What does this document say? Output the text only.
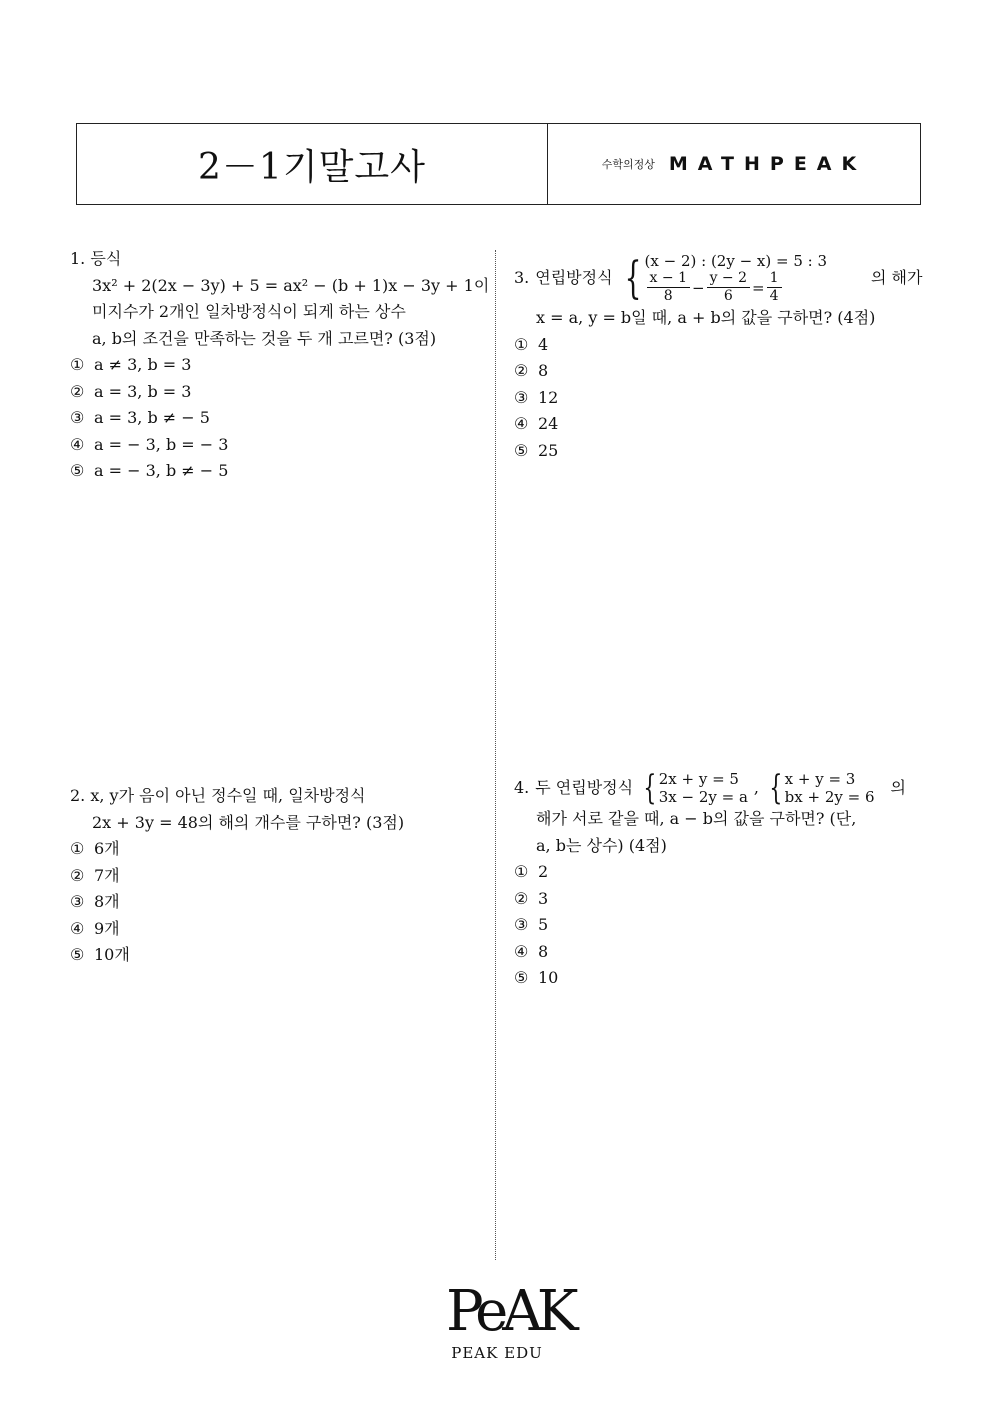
2－1기말고사	수학의정상 MATHPEAK
1. 등식
3x² + 2(2x − 3y) + 5 = ax² − (b + 1)x − 3y + 1이
미지수가 2개인 일차방정식이 되게 하는 상수
a, b의 조건을 만족하는 것을 두 개 고르면? (3점)
① a ≠ 3, b = 3
② a = 3, b = 3
③ a = 3, b ≠ − 5
④ a = − 3, b = − 3
⑤ a = − 3, b ≠ − 5
2. x, y가 음이 아닌 정수일 때, 일차방정식
2x + 3y = 48의 해의 개수를 구하면? (3점)
① 6개
② 7개
③ 8개
④ 9개
⑤ 10개
3. 연립방정식 { (x − 2) : (2y − x) = 5 : 3
$\frac{x - 1}{8} - \frac{y - 2}{6} = \frac{1}{4}$	의 해가
x = a, y = b일 때, a + b의 값을 구하면? (4점)
① 4
② 8
③ 12
④ 24
⑤ 25
4. 두 연립방정식 { 2x + y = 5
3x − 2y = a
, { x + y = 3
bx + 2y = 6
의
해가 서로 같을 때, a − b의 값을 구하면? (단,
a, b는 상수) (4점)
① 2
② 3
③ 5
④ 8
⑤ 10
PeAK
PEAK EDU
